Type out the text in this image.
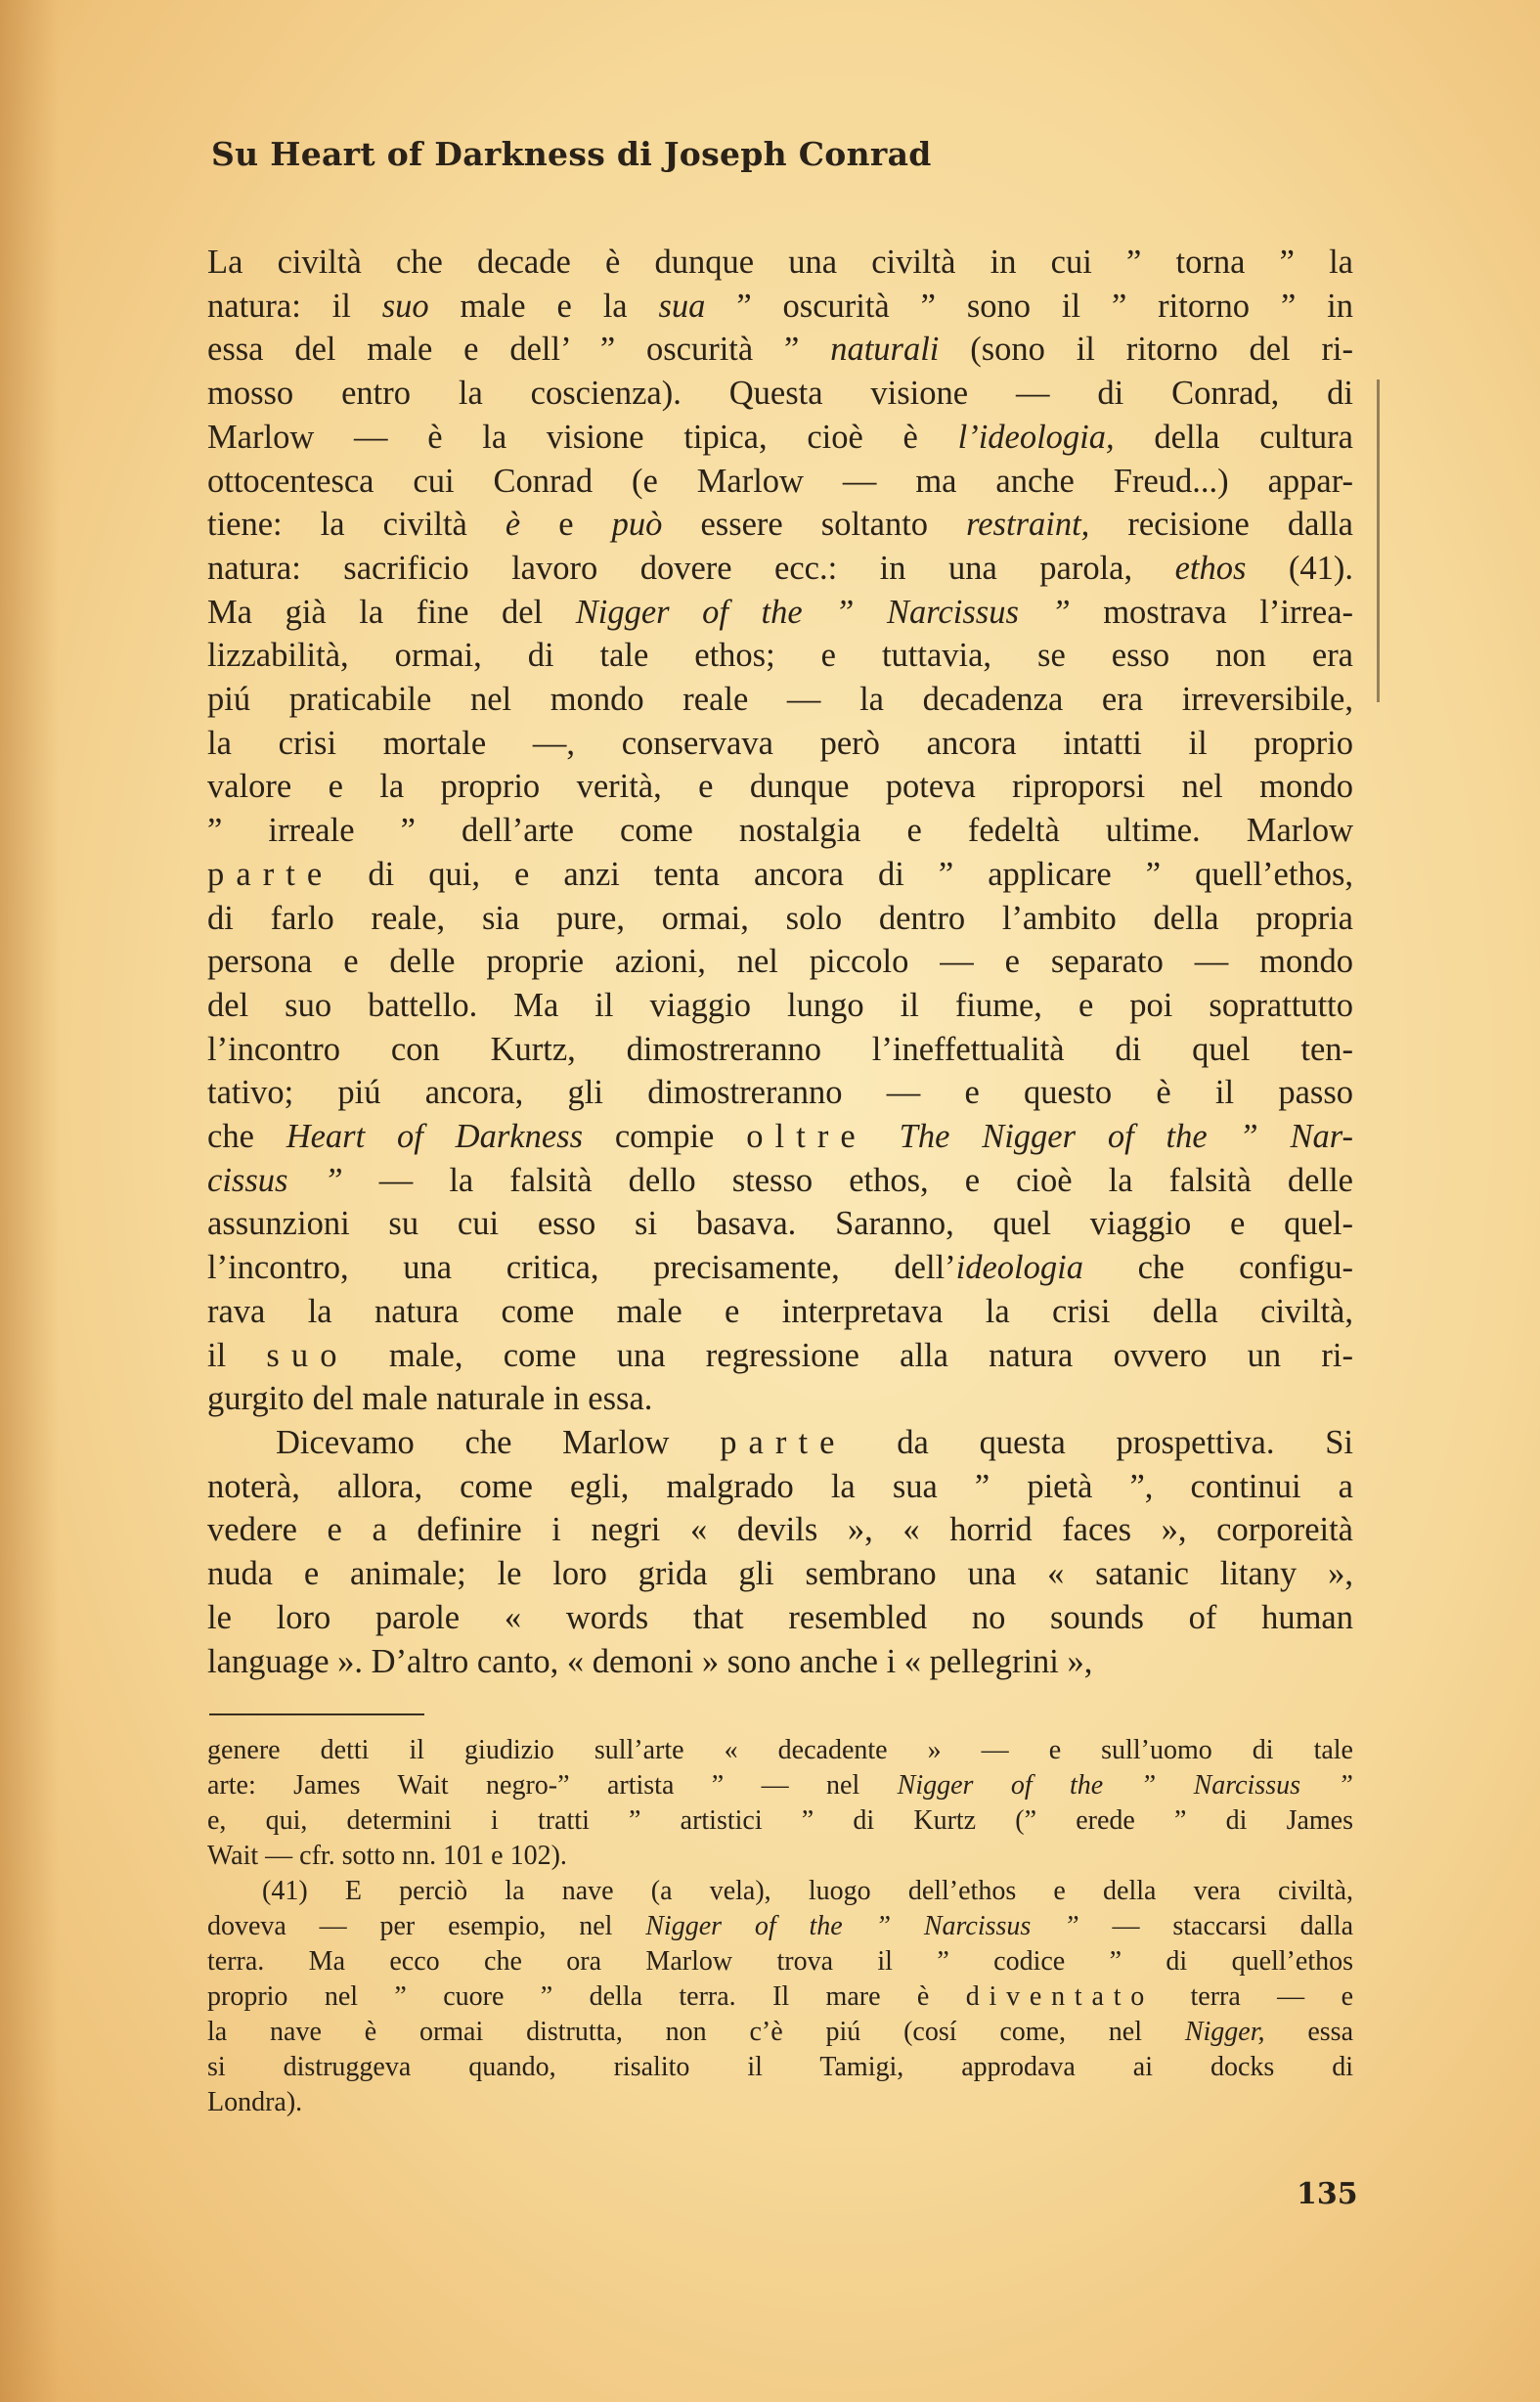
Su Heart of Darkness di Joseph Conrad
La civiltà che decade è dunque una civiltà in cui ” torna ” la
natura: il suo male e la sua ” oscurità ” sono il ” ritorno ” in
essa del male e dell’ ” oscurità ” naturali (sono il ritorno del ri-
mosso entro la coscienza). Questa visione — di Conrad, di
Marlow — è la visione tipica, cioè è l’ideologia, della cultura
ottocentesca cui Conrad (e Marlow — ma anche Freud...) appar-
tiene: la civiltà è e può essere soltanto restraint, recisione dalla
natura: sacrificio lavoro dovere ecc.: in una parola, ethos (41).
Ma già la fine del Nigger of the ” Narcissus ” mostrava l’irrea-
lizzabilità, ormai, di tale ethos; e tuttavia, se esso non era
piú praticabile nel mondo reale — la decadenza era irreversibile,
la crisi mortale —, conservava però ancora intatti il proprio
valore e la proprio verità, e dunque poteva riproporsi nel mondo
” irreale ” dell’arte come nostalgia e fedeltà ultime. Marlow
parte di qui, e anzi tenta ancora di ” applicare ” quell’ethos,
di farlo reale, sia pure, ormai, solo dentro l’ambito della propria
persona e delle proprie azioni, nel piccolo — e separato — mondo
del suo battello. Ma il viaggio lungo il fiume, e poi soprattutto
l’incontro con Kurtz, dimostreranno l’ineffettualità di quel ten-
tativo; piú ancora, gli dimostreranno — e questo è il passo
che Heart of Darkness compie oltre The Nigger of the ” Nar-
cissus ” — la falsità dello stesso ethos, e cioè la falsità delle
assunzioni su cui esso si basava. Saranno, quel viaggio e quel-
l’incontro, una critica, precisamente, dell’ideologia che configu-
rava la natura come male e interpretava la crisi della civiltà,
il suo male, come una regressione alla natura ovvero un ri-
gurgito del male naturale in essa.
Dicevamo che Marlow parte da questa prospettiva. Si
noterà, allora, come egli, malgrado la sua ” pietà ”, continui a
vedere e a definire i negri « devils », « horrid faces », corporeità
nuda e animale; le loro grida gli sembrano una « satanic litany »,
le loro parole « words that resembled no sounds of human
language ». D’altro canto, « demoni » sono anche i « pellegrini »,
genere detti il giudizio sull’arte « decadente » — e sull’uomo di tale
arte: James Wait negro-” artista ” — nel Nigger of the ” Narcissus ”
e, qui, determini i tratti ” artistici ” di Kurtz (” erede ” di James
Wait — cfr. sotto nn. 101 e 102).
(41) E perciò la nave (a vela), luogo dell’ethos e della vera civiltà,
doveva — per esempio, nel Nigger of the ” Narcissus ” — staccarsi dalla
terra. Ma ecco che ora Marlow trova il ” codice ” di quell’ethos
proprio nel ” cuore ” della terra. Il mare è diventato terra — e
la nave è ormai distrutta, non c’è piú (cosí come, nel Nigger, essa
si distruggeva quando, risalito il Tamigi, approdava ai docks di
Londra).
135
